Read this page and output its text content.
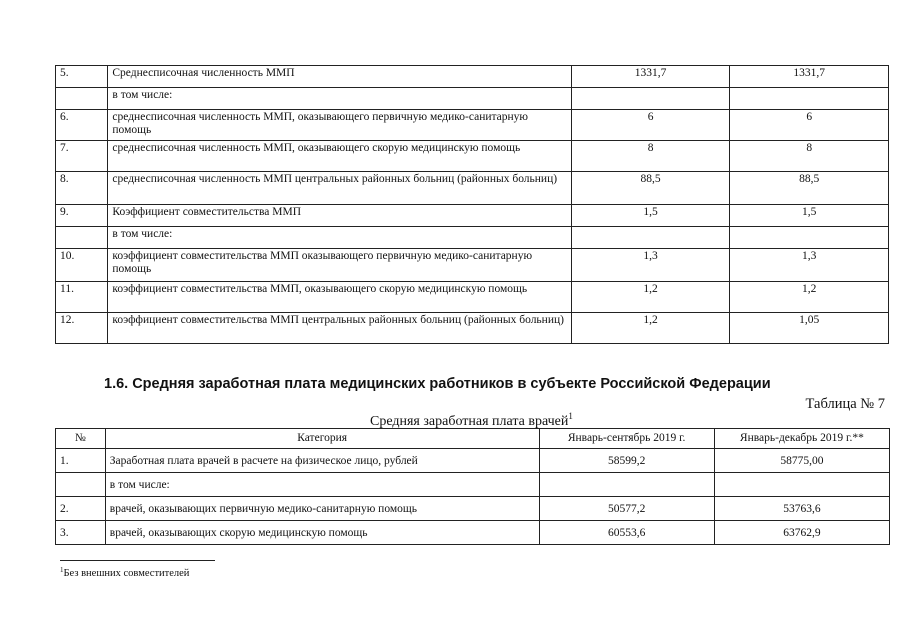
5.	Среднесписочная численность ММП	1331,7	1331,7
	в том числе:		
6.	среднесписочная численность ММП, оказывающего первичную медико-санитарную помощь	6	6
7.	среднесписочная численность ММП, оказывающего скорую медицинскую помощь	8	8
8.	среднесписочная численность ММП центральных районных больниц (районных больниц)	88,5	88,5
9.	Коэффициент совместительства ММП	1,5	1,5
	в том числе:		
10.	коэффициент совместительства ММП оказывающего первичную медико-санитарную помощь	1,3	1,3
11.	коэффициент совместительства ММП, оказывающего скорую медицинскую помощь	1,2	1,2
12.	коэффициент совместительства ММП центральных районных больниц (районных больниц)	1,2	1,05
1.6. Средняя заработная плата медицинских работников в субъекте Российской Федерации
Таблица № 7
Средняя заработная плата врачей$^1$
№	Категория	Январь-сентябрь 2019 г.	Январь-декабрь 2019 г.**
1.	Заработная плата врачей в расчете на физическое лицо, рублей	58599,2	58775,00
	в том числе:		
2.	врачей, оказывающих первичную медико-санитарную помощь	50577,2	53763,6
3.	врачей, оказывающих скорую медицинскую помощь	60553,6	63762,9
$^1$Без внешних совместителей
